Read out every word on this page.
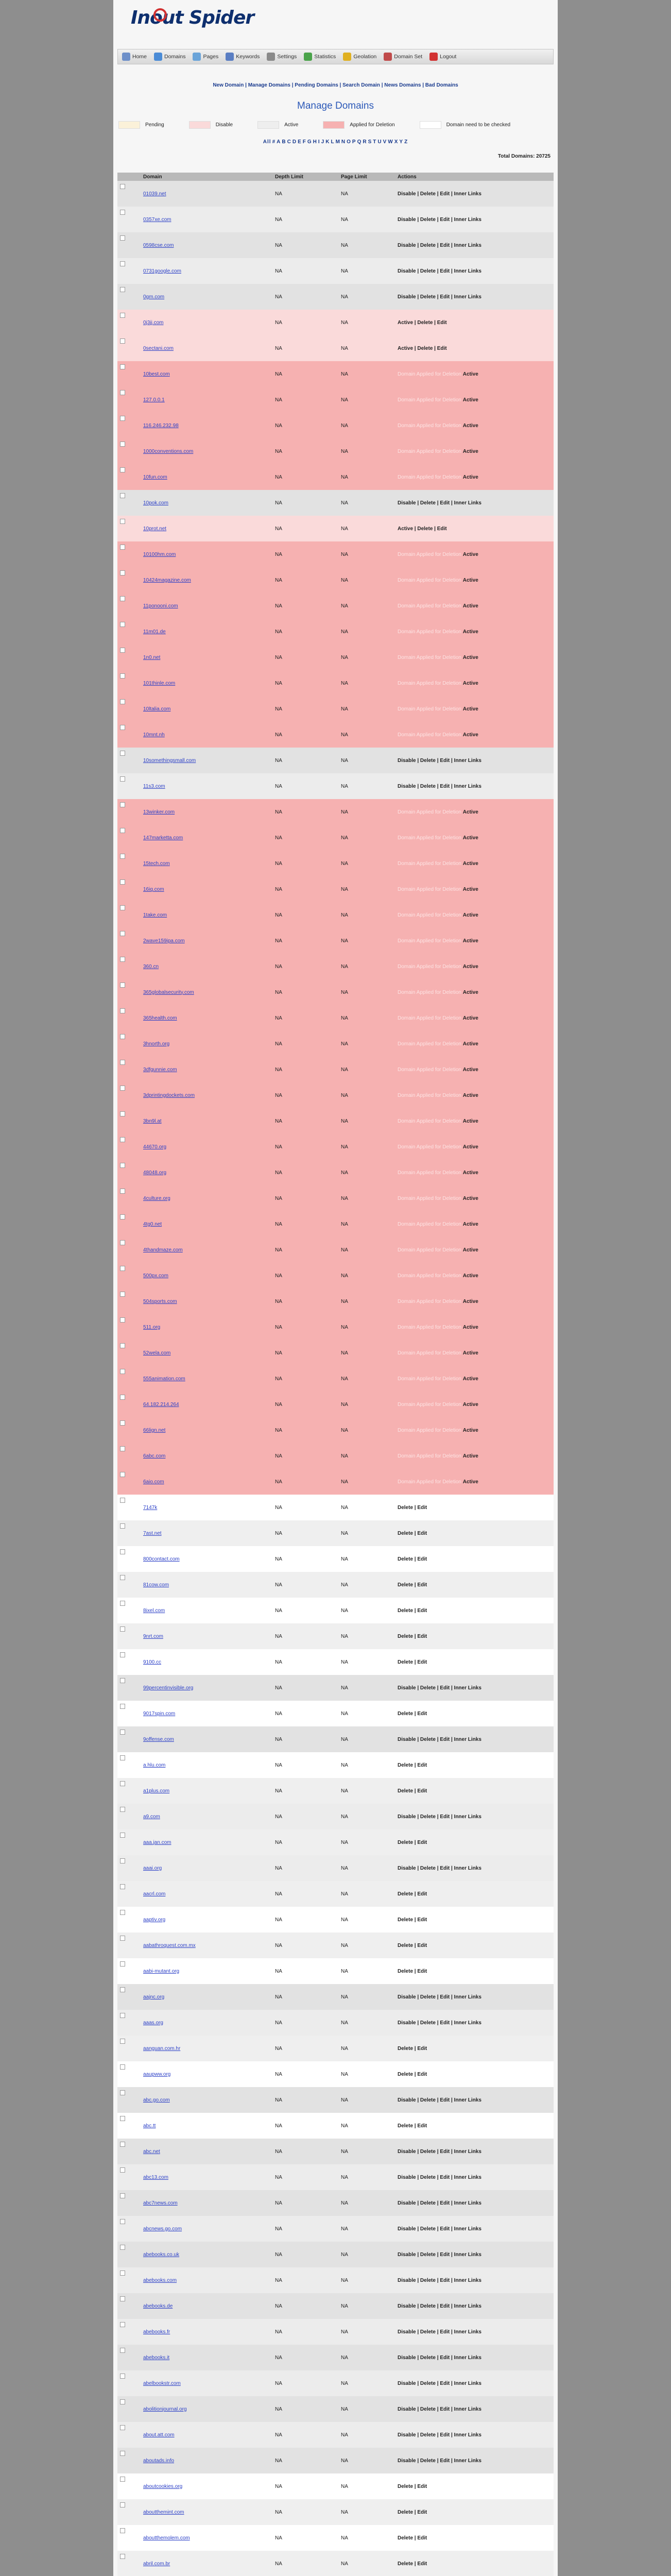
Inout Spider
Home	Domains	Pages	Keywords	Settings	Statistics	Geolation	Domain Set	Logout
New Domain | Manage Domains | Pending Domains | Search Domain | News Domains | Bad Domains
Manage Domains
Pending	Disable	Active	Applied for Deletion	Domain need to be checked
All # A B C D E F G H I J K L M N O P Q R S T U V W X Y Z
Total Domains: 20725
Domain	Depth Limit	Page Limit	Actions
01039.net	NA	NA	Disable | Delete | Edit | Inner Links
0357xe.com	NA	NA	Disable | Delete | Edit | Inner Links
0598cse.com	NA	NA	Disable | Delete | Edit | Inner Links
0731google.com	NA	NA	Disable | Delete | Edit | Inner Links
0gm.com	NA	NA	Disable | Delete | Edit | Inner Links
0j3jj.com	NA	NA	Active | Delete | Edit
0sectani.com	NA	NA	Active | Delete | Edit
10best.com	NA	NA	Domain Applied for Deletion Active
127.0.0.1	NA	NA	Domain Applied for Deletion Active
116.246.232.98	NA	NA	Domain Applied for Deletion Active
1000conventions.com	NA	NA	Domain Applied for Deletion Active
10fun.com	NA	NA	Domain Applied for Deletion Active
10pok.com	NA	NA	Disable | Delete | Edit | Inner Links
10prot.net	NA	NA	Active | Delete | Edit
10100hm.com	NA	NA	Domain Applied for Deletion Active
10424magazine.com	NA	NA	Domain Applied for Deletion Active
11ponooni.com	NA	NA	Domain Applied for Deletion Active
11m01.de	NA	NA	Domain Applied for Deletion Active
1n0.net	NA	NA	Domain Applied for Deletion Active
101thinle.com	NA	NA	Domain Applied for Deletion Active
10ltalia.com	NA	NA	Domain Applied for Deletion Active
10mnt.nh	NA	NA	Domain Applied for Deletion Active
10somethingsmall.com	NA	NA	Disable | Delete | Edit | Inner Links
11s3.com	NA	NA	Disable | Delete | Edit | Inner Links
13winker.com	NA	NA	Domain Applied for Deletion Active
147marketta.com	NA	NA	Domain Applied for Deletion Active
15tech.com	NA	NA	Domain Applied for Deletion Active
16iq.com	NA	NA	Domain Applied for Deletion Active
1take.com	NA	NA	Domain Applied for Deletion Active
2wave159ipa.com	NA	NA	Domain Applied for Deletion Active
360.cn	NA	NA	Domain Applied for Deletion Active
365globalsecurity.com	NA	NA	Domain Applied for Deletion Active
365health.com	NA	NA	Domain Applied for Deletion Active
3hnorth.org	NA	NA	Domain Applied for Deletion Active
3dfgunnie.com	NA	NA	Domain Applied for Deletion Active
3dprintingdockets.com	NA	NA	Domain Applied for Deletion Active
3bn9l.at	NA	NA	Domain Applied for Deletion Active
44670.org	NA	NA	Domain Applied for Deletion Active
48048.org	NA	NA	Domain Applied for Deletion Active
4culture.org	NA	NA	Domain Applied for Deletion Active
4tg0.net	NA	NA	Domain Applied for Deletion Active
4thandmaze.com	NA	NA	Domain Applied for Deletion Active
500px.com	NA	NA	Domain Applied for Deletion Active
504sports.com	NA	NA	Domain Applied for Deletion Active
511.org	NA	NA	Domain Applied for Deletion Active
52wela.com	NA	NA	Domain Applied for Deletion Active
555animation.com	NA	NA	Domain Applied for Deletion Active
64.182.214.264	NA	NA	Domain Applied for Deletion Active
66lign.net	NA	NA	Domain Applied for Deletion Active
6abc.com	NA	NA	Domain Applied for Deletion Active
6aio.com	NA	NA	Domain Applied for Deletion Active
7147k	NA	NA	Delete | Edit
7ast.net	NA	NA	Delete | Edit
800contact.com	NA	NA	Delete | Edit
81cow.com	NA	NA	Delete | Edit
8ixel.com	NA	NA	Delete | Edit
9nrt.com	NA	NA	Delete | Edit
9100.cc	NA	NA	Delete | Edit
99percentinvisible.org	NA	NA	Disable | Delete | Edit | Inner Links
9017spin.com	NA	NA	Delete | Edit
9offense.com	NA	NA	Disable | Delete | Edit | Inner Links
a.hlu.com	NA	NA	Delete | Edit
a1plus.com	NA	NA	Delete | Edit
a9.com	NA	NA	Disable | Delete | Edit | Inner Links
aaa.jan.com	NA	NA	Delete | Edit
aaai.org	NA	NA	Disable | Delete | Edit | Inner Links
aacrl.com	NA	NA	Delete | Edit
aaptiv.org	NA	NA	Delete | Edit
aabathroquest.com.mx	NA	NA	Delete | Edit
aabi-mutant.org	NA	NA	Delete | Edit
aajnc.org	NA	NA	Disable | Delete | Edit | Inner Links
aaas.org	NA	NA	Disable | Delete | Edit | Inner Links
aanguan.com.hr	NA	NA	Delete | Edit
aaupww.org	NA	NA	Delete | Edit
abc.go.com	NA	NA	Disable | Delete | Edit | Inner Links
abc.tt	NA	NA	Delete | Edit
abc.net	NA	NA	Disable | Delete | Edit | Inner Links
abc13.com	NA	NA	Disable | Delete | Edit | Inner Links
abc7news.com	NA	NA	Disable | Delete | Edit | Inner Links
abcnews.go.com	NA	NA	Disable | Delete | Edit | Inner Links
abebooks.co.uk	NA	NA	Disable | Delete | Edit | Inner Links
abebooks.com	NA	NA	Disable | Delete | Edit | Inner Links
abebooks.de	NA	NA	Disable | Delete | Edit | Inner Links
abebooks.fr	NA	NA	Disable | Delete | Edit | Inner Links
abebooks.it	NA	NA	Disable | Delete | Edit | Inner Links
abelbookstr.com	NA	NA	Disable | Delete | Edit | Inner Links
abolitionjournal.org	NA	NA	Disable | Delete | Edit | Inner Links
about.att.com	NA	NA	Disable | Delete | Edit | Inner Links
aboutads.info	NA	NA	Disable | Delete | Edit | Inner Links
aboutcookies.org	NA	NA	Delete | Edit
aboutthemint.com	NA	NA	Delete | Edit
aboutthemolem.com	NA	NA	Delete | Edit
abril.com.br	NA	NA	Delete | Edit
